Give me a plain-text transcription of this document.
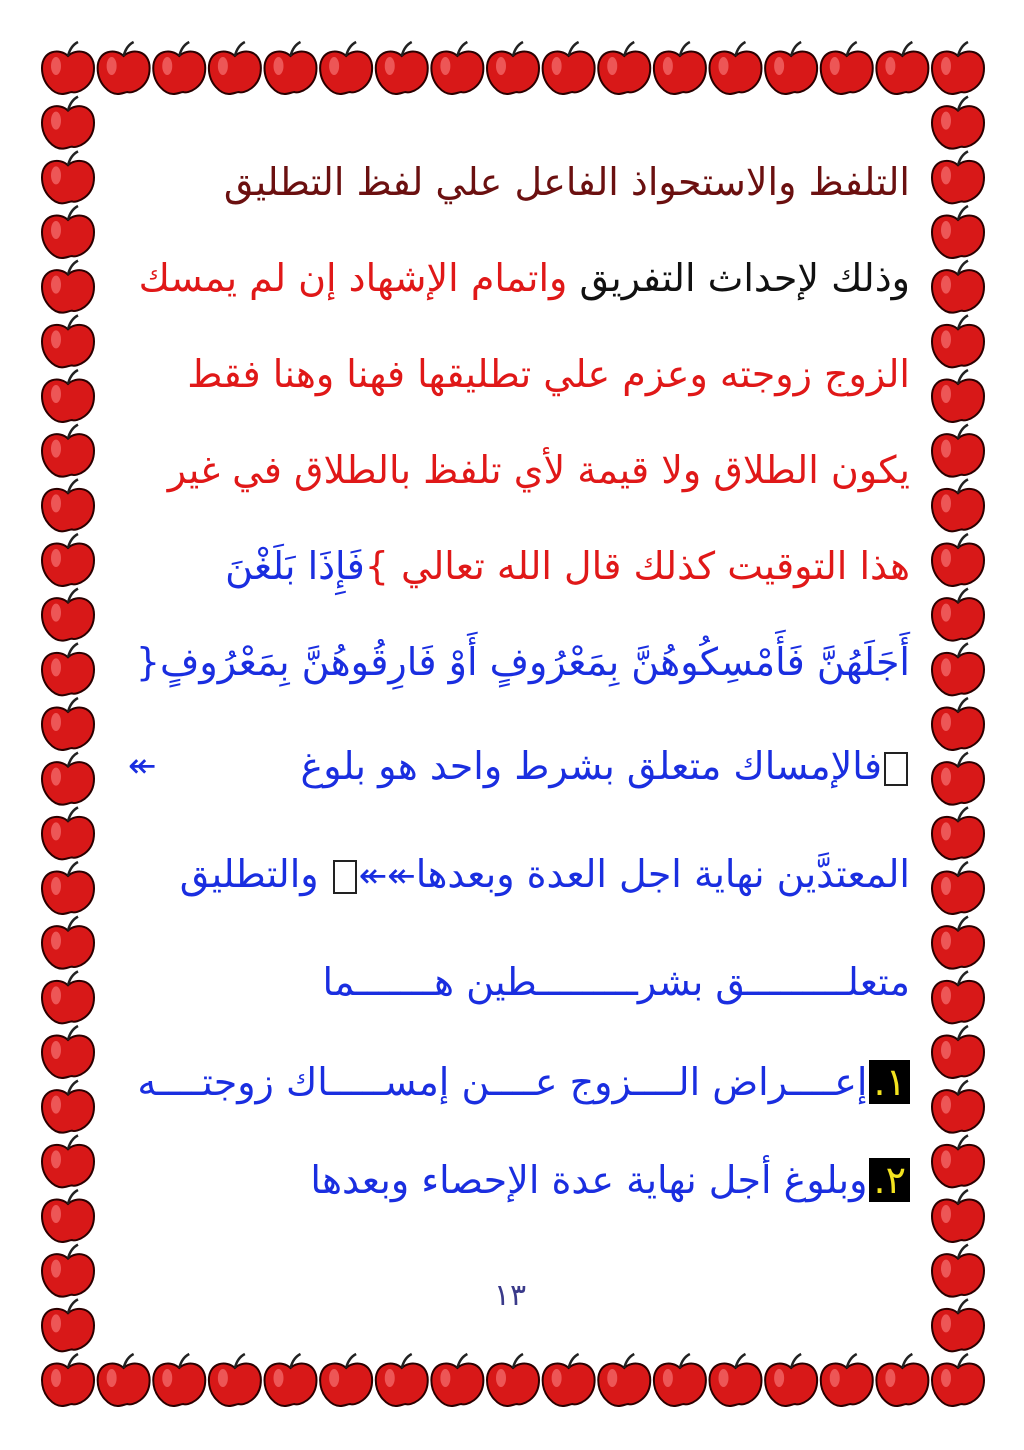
التلفظ والاستحواذ الفاعل علي لفظ التطليق
وذلك لإحداث التفريق واتمام الإشهاد إن لم يمسك
الزوج زوجته وعزم علي تطليقها فهنا وهنا فقط
يكون الطلاق ولا قيمة لأي تلفظ بالطلاق في غير
هذا التوقيت كذلك قال الله تعالي }فَإِذَا بَلَغْنَ
أَجَلَهُنَّ فَأَمْسِكُوهُنَّ بِمَعْرُوفٍ أَوْ فَارِقُوهُنَّ بِمَعْرُوفٍ{
فالإمساك متعلق بشرط واحد هو بلوغ
↞
المعتدَّين نهاية اجل العدة وبعدها↞↞ والتطليق
متعلـــــــــق بشرـــــــــطين هـــــــما
١.إعــــراض الــــزوج عــــن إمســـــاك زوجتــــه
٢.وبلوغ أجل نهاية عدة الإحصاء وبعدها
١٣
